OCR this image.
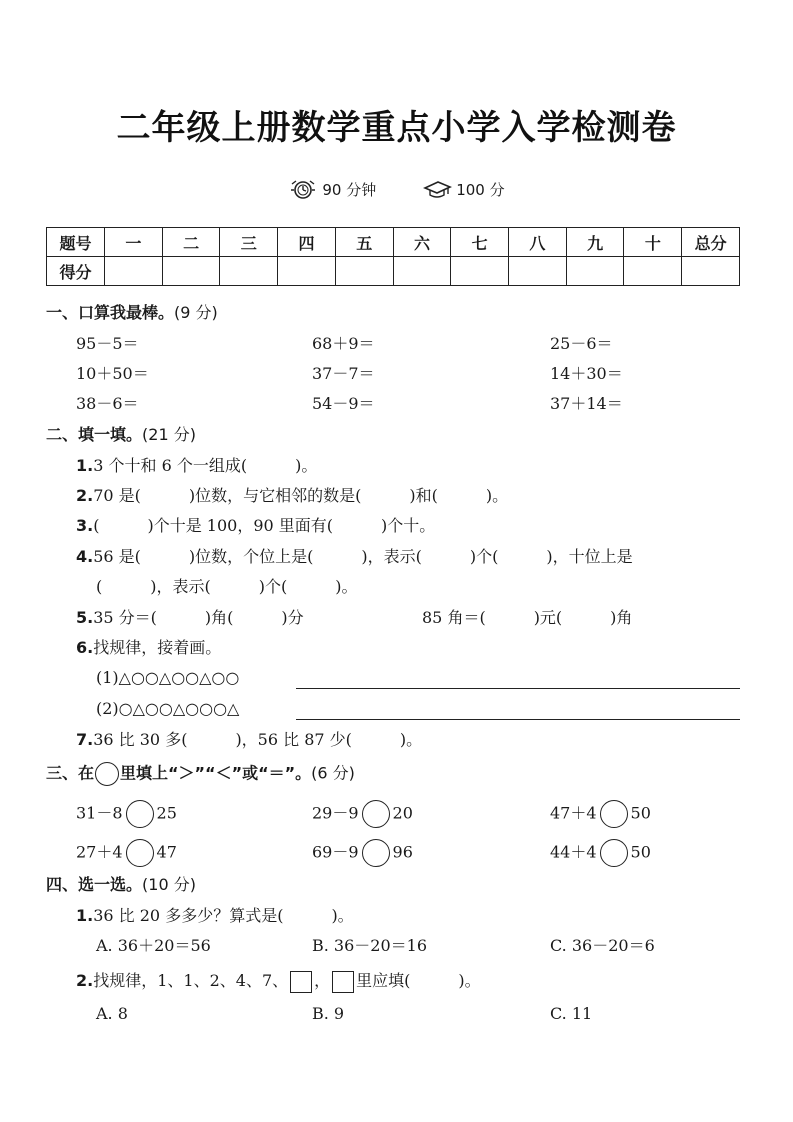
二年级上册数学重点小学入学检测卷
90 分钟	100 分
题号	一	二	三	四	五	六	七	八	九	十	总分
得分											
一、口算我最棒。(9 分)
95－5＝	68＋9＝	25－6＝
10＋50＝	37－7＝	14＋30＝
38－6＝	54－9＝	37＋14＝
二、填一填。(21 分)
1.3 个十和 6 个一组成(　　　)。
2.70 是(　　　)位数，与它相邻的数是(　　　)和(　　　)。
3.(　　　)个十是 100，90 里面有(　　　)个十。
4.56 是(　　　)位数，个位上是(　　　)，表示(　　　)个(　　　)，十位上是
(　　　)，表示(　　　)个(　　　)。
5.35 分＝(　　　)角(　　　)分	85 角＝(　　　)元(　　　)角
6.找规律，接着画。
(1)△○○△○○△○○
(2)○△○○△○○○△
7.36 比 30 多(　　　)，56 比 87 少(　　　)。
三、在 里填上“＞”“＜”或“＝”。(6 分)
31－8 25	29－9 20	47＋4 50
27＋4 47	69－9 96	44＋4 50
四、选一选。(10 分)
1.36 比 20 多多少？算式是(　　　)。
A. 36＋20＝56	B. 36－20＝16	C. 36－20＝6
2.找规律，1、1、2、4、7、 ， 里应填(　　　)。
A. 8	B. 9	C. 11
